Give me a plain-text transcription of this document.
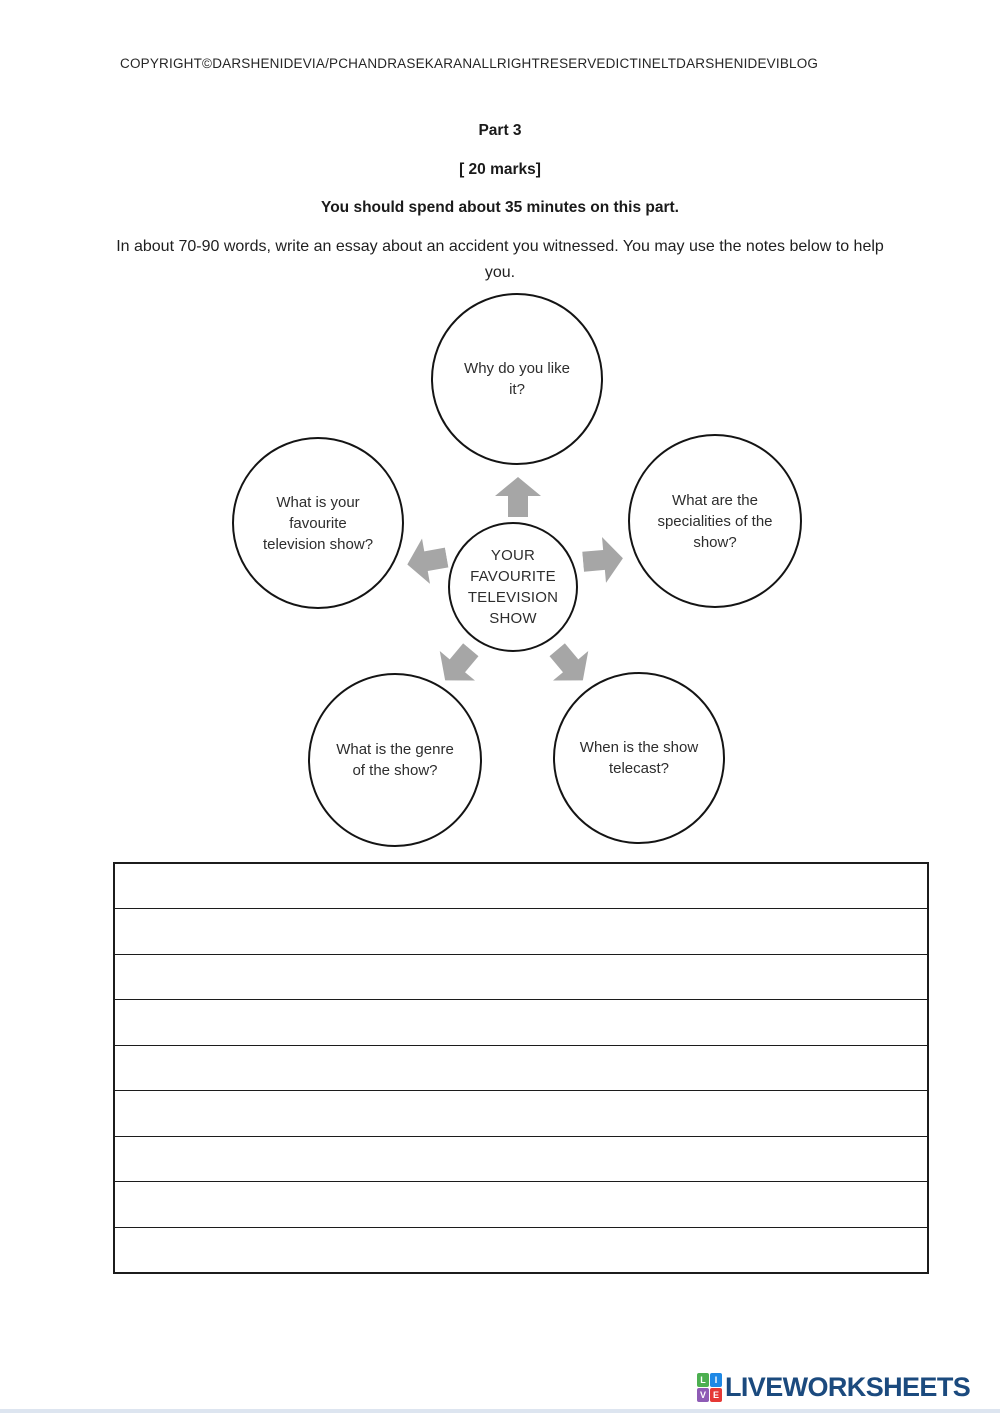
COPYRIGHT©DARSHENIDEVIA/PCHANDRASEKARANALLRIGHTRESERVEDICTINELTDARSHENIDEVIBLOG
Part 3
[ 20 marks]
You should spend about 35 minutes on this part.
In about 70-90 words, write an essay about an accident you witnessed. You may use the notes below to help you.
Why do you like it?
What is your favourite television show?
What are the specialities of the show?
What is the genre of the show?
When is the show telecast?
YOUR FAVOURITE TELEVISION SHOW
L I
V E LIVEWORKSHEETS
